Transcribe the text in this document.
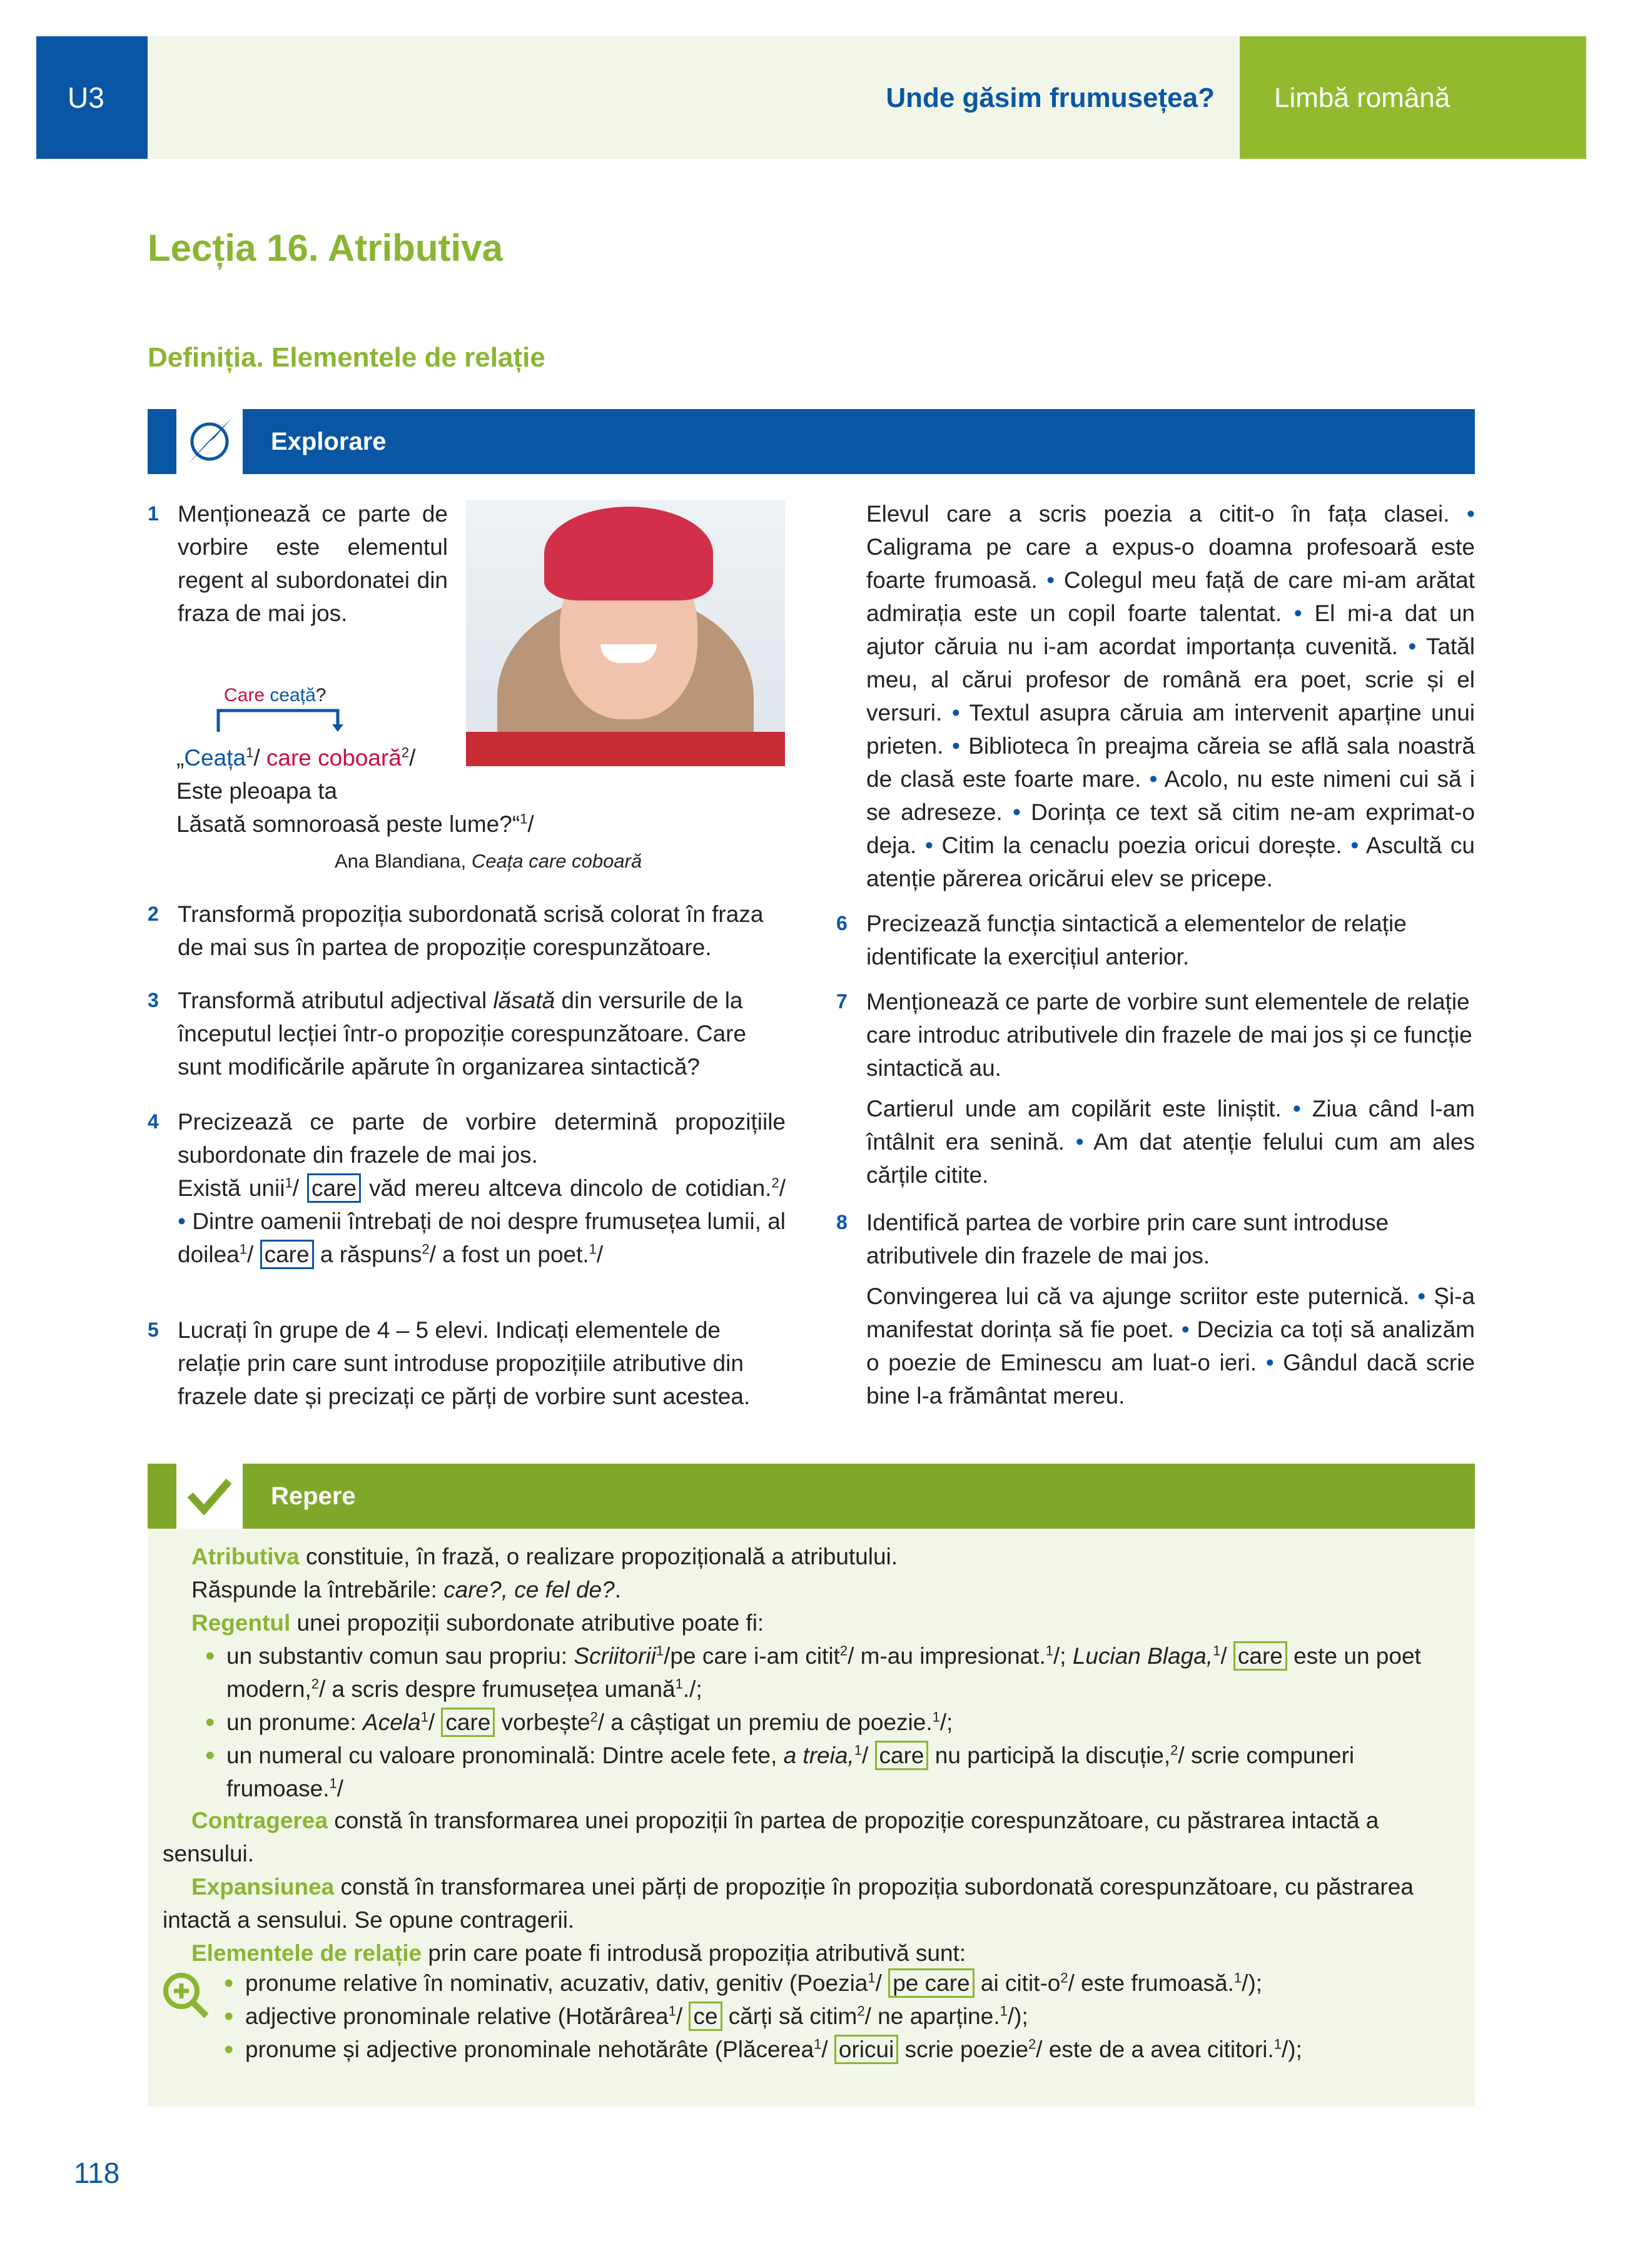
U3	Unde găsim frumusețea?	Limbă română
Lecția 16. Atributiva
Definiția. Elementele de relație
Explorare
1 Menționează ce parte de vorbire este elementul regent al subordonatei din fraza de mai jos.
Care ceață?
„Ceața$^1$/ care coboară$^2$/
Este pleoapa ta
Lăsată somnoroasă peste lume?“$^1$/
Ana Blandiana, Ceața care coboară
2 Transformă propoziția subordonată scrisă colorat în fraza de mai sus în partea de propoziție corespunzătoare.
3 Transformă atributul adjectival lăsată din versurile de la începutul lecției într-o propoziție corespunzătoare. Care sunt modificările apărute în organizarea sintactică?
4 Precizează ce parte de vorbire determină propozițiile subordonate din frazele de mai jos.
Există unii$^1$/ care văd mereu altceva dincolo de cotidian.$^2$/ • Dintre oamenii întrebați de noi despre frumusețea lumii, al doilea$^1$/ care a răspuns$^2$/ a fost un poet.$^1$/
5 Lucrați în grupe de 4 – 5 elevi. Indicați elementele de relație prin care sunt introduse propozițiile atributive din frazele date și precizați ce părți de vorbire sunt acestea.
Elevul care a scris poezia a citit-o în fața clasei. • Caligrama pe care a expus-o doamna profesoară este foarte frumoasă. • Colegul meu față de care mi-am arătat admirația este un copil foarte talentat. • El mi-a dat un ajutor căruia nu i-am acordat importanța cuvenită. • Tatăl meu, al cărui profesor de română era poet, scrie și el versuri. • Textul asupra căruia am intervenit aparține unui prieten. • Biblioteca în preajma căreia se află sala noastră de clasă este foarte mare. • Acolo, nu este nimeni cui să i se adreseze. • Dorința ce text să citim ne-am exprimat-o deja. • Citim la cenaclu poezia oricui dorește. • Ascultă cu atenție părerea oricărui elev se pricepe.
6 Precizează funcția sintactică a elementelor de relație identificate la exercițiul anterior.
7 Menționează ce parte de vorbire sunt elementele de relație care introduc atributivele din frazele de mai jos și ce funcție sintactică au.
Cartierul unde am copilărit este liniștit. • Ziua când l-am întâlnit era senină. • Am dat atenție felului cum am ales cărțile citite.
8 Identifică partea de vorbire prin care sunt introduse atributivele din frazele de mai jos.
Convingerea lui că va ajunge scriitor este puternică. • Și-a manifestat dorința să fie poet. • Decizia ca toți să analizăm o poezie de Eminescu am luat-o ieri. • Gândul dacă scrie bine l-a frământat mereu.
Repere
Atributiva constituie, în frază, o realizare propozițională a atributului.
Răspunde la întrebările: care?, ce fel de?.
Regentul unei propoziții subordonate atributive poate fi:
• un substantiv comun sau propriu: Scriitorii$^1$/pe care i-am citit$^2$/ m-au impresionat.$^1$/; Lucian Blaga,$^1$/ care este un poet modern,$^2$/ a scris despre frumusețea umană$^1$./;
• un pronume: Acela$^1$/ care vorbește$^2$/ a câștigat un premiu de poezie.$^1$/;
• un numeral cu valoare pronominală: Dintre acele fete, a treia,$^1$/ care nu participă la discuție,$^2$/ scrie compuneri frumoase.$^1$/
Contragerea constă în transformarea unei propoziții în partea de propoziție corespunzătoare, cu păstrarea intactă a sensului.
Expansiunea constă în transformarea unei părți de propoziție în propoziția subordonată corespunzătoare, cu păstrarea intactă a sensului. Se opune contragerii.
Elementele de relație prin care poate fi introdusă propoziția atributivă sunt:
• pronume relative în nominativ, acuzativ, dativ, genitiv (Poezia$^1$/ pe care ai citit-$o^2/$ este frumoasă.$^1$/);
• adjective pronominale relative (Hotărârea$^1$/ ce cărți să citim$^2$/ ne aparține.$^1$/);
• pronume și adjective pronominale nehotărâte (Plăcerea$^1$/ oricui scrie poezie$^2$/ este de a avea cititori.$^1$/);
118
